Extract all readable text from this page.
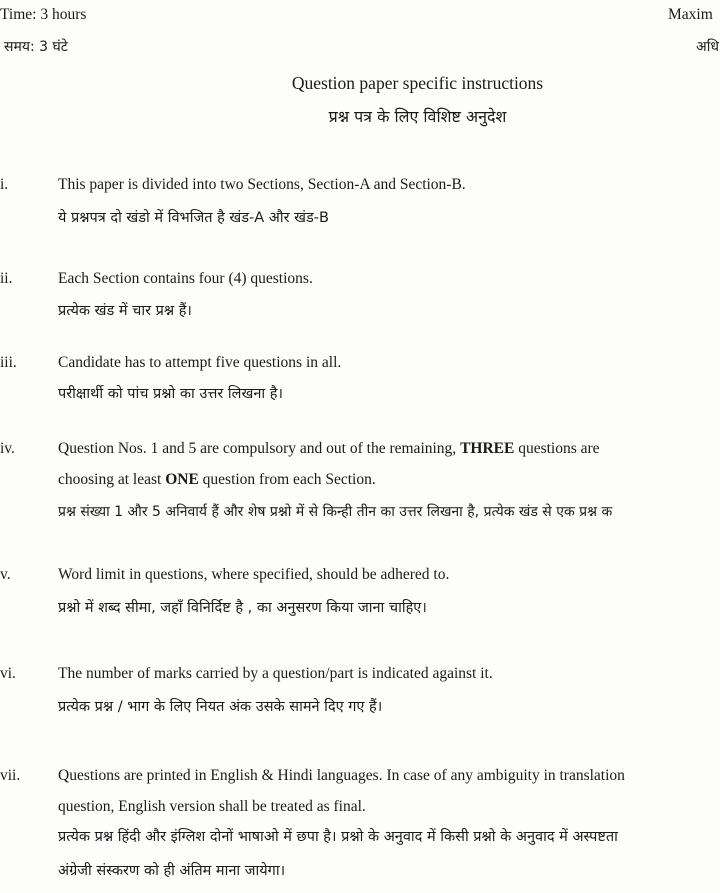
Time: 3 hours
समय: 3 घंटे
Maxim
अधि
Question paper specific instructions
प्रश्न पत्र के लिए विशिष्ट अनुदेश
i.	This paper is divided into two Sections, Section-A and Section-B.
ये प्रश्नपत्र दो खंडो में विभजित है खंड-A और खंड-B
ii.	Each Section contains four (4) questions.
प्रत्येक खंड में चार प्रश्न हैं।
iii.	Candidate has to attempt five questions in all.
परीक्षार्थी को पांच प्रश्नो का उत्तर लिखना है।
iv.	Question Nos. 1 and 5 are compulsory and out of the remaining, THREE questions are
choosing at least ONE question from each Section.
प्रश्न संख्या 1 और 5 अनिवार्य हैं और शेष प्रश्नो में से किन्ही तीन का उत्तर लिखना है, प्रत्येक खंड से एक प्रश्न क
v.	Word limit in questions, where specified, should be adhered to.
प्रश्नो में शब्द सीमा, जहाँ विनिर्दिष्ट है , का अनुसरण किया जाना चाहिए।
vi.	The number of marks carried by a question/part is indicated against it.
प्रत्येक प्रश्न / भाग के लिए नियत अंक उसके सामने दिए गए हैं।
vii. Questions are printed in English & Hindi languages. In case of any ambiguity in translation
question, English version shall be treated as final.
प्रत्येक प्रश्न हिंदी और इंग्लिश दोनों भाषाओ में छपा है। प्रश्नो के अनुवाद में किसी प्रश्नो के अनुवाद में अस्पष्टता
अंग्रेजी संस्करण को ही अंतिम माना जायेगा।
